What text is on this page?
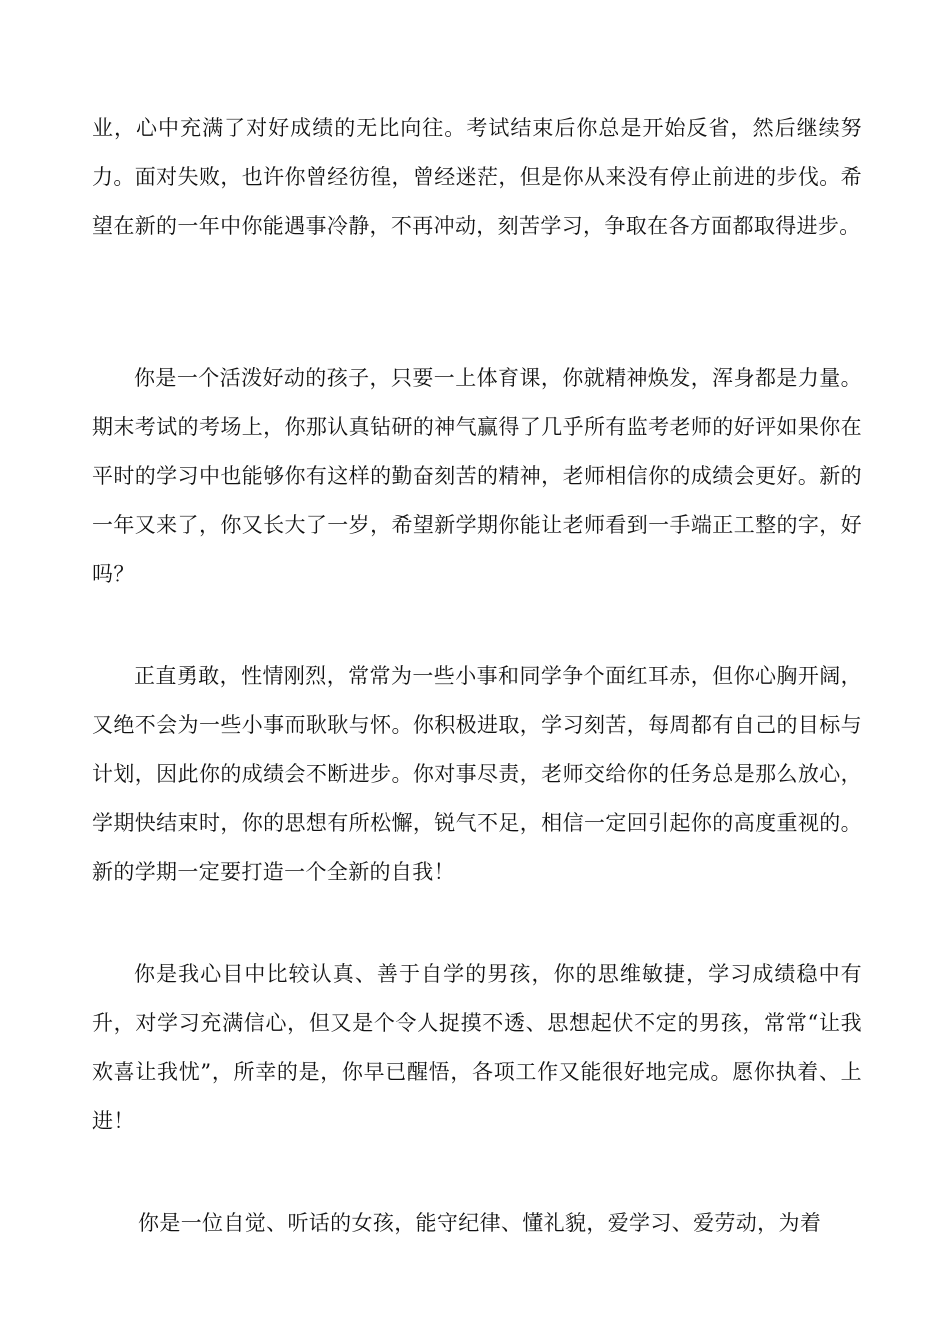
业，心中充满了对好成绩的无比向往。考试结束后你总是开始反省，然后继续努力。面对失败，也许你曾经彷徨，曾经迷茫，但是你从来没有停止前进的步伐。希望在新的一年中你能遇事冷静，不再冲动，刻苦学习，争取在各方面都取得进步。

你是一个活泼好动的孩子，只要一上体育课，你就精神焕发，浑身都是力量。期末考试的考场上，你那认真钻研的神气赢得了几乎所有监考老师的好评如果你在平时的学习中也能够你有这样的勤奋刻苦的精神，老师相信你的成绩会更好。新的一年又来了，你又长大了一岁，希望新学期你能让老师看到一手端正工整的字，好吗？

正直勇敢，性情刚烈，常常为一些小事和同学争个面红耳赤，但你心胸开阔，又绝不会为一些小事而耿耿与怀。你积极进取，学习刻苦，每周都有自己的目标与计划，因此你的成绩会不断进步。你对事尽责，老师交给你的任务总是那么放心，学期快结束时，你的思想有所松懈，锐气不足，相信一定回引起你的高度重视的。新的学期一定要打造一个全新的自我！

你是我心目中比较认真、善于自学的男孩，你的思维敏捷，学习成绩稳中有升，对学习充满信心，但又是个令人捉摸不透、思想起伏不定的男孩，常常“让我欢喜让我忧”，所幸的是，你早已醒悟，各项工作又能很好地完成。愿你执着、上进！

你是一位自觉、听话的女孩，能守纪律、懂礼貌，爱学习、爱劳动，为着
